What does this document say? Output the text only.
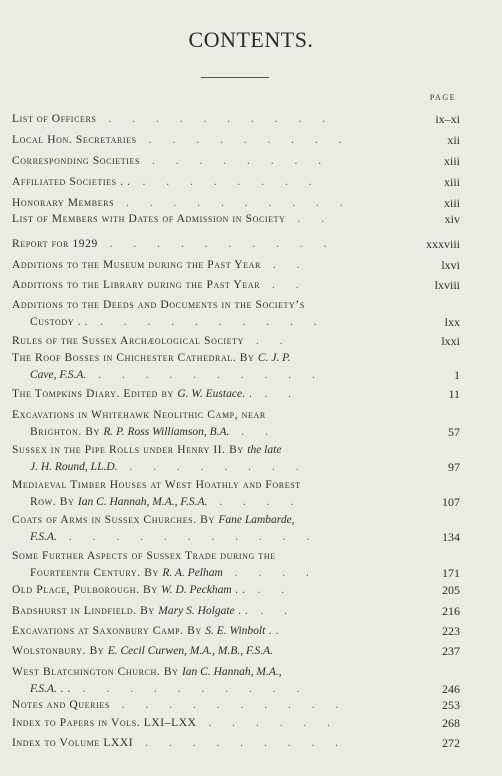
CONTENTS.
PAGE
List of Officers . . . . . . . . . .	ix–xi
Local Hon. Secretaries . . . . . . . . .	xii
Corresponding Societies . . . . . . . .	xiii
Affiliated Societies . . . . . . . . . .	xiii
Honorary Members . . . . . . . . . .	xiii
List of Members with Dates of Admission in Society . .	xiv
Report for 1929 . . . . . . . . . .	xxxviii
Additions to the Museum during the Past Year . .	lxvi
Additions to the Library during the Past Year . .	lxviii
Additions to the Deeds and Documents in the Society’s
Custody . . . . . . . . . . . .	lxx
Rules of the Sussex Archæological Society . .	lxxi
The Roof Bosses in Chichester Cathedral. By C. J. P.
Cave, F.S.A. . . . . . . . . . .	1
The Tompkins Diary. Edited by G. W. Eustace. . . .	11
Excavations in Whitehawk Neolithic Camp, near
Brighton. By R. P. Ross Williamson, B.A. . .	57
Sussex in the Pipe Rolls under Henry II. By the late
J. H. Round, LL.D. . . . . . . . .	97
Mediaeval Timber Houses at West Hoathly and Forest
Row. By Ian C. Hannah, M.A., F.S.A. . . . .	107
Coats of Arms in Sussex Churches. By Fane Lambarde,
F.S.A. . . . . . . . . . . .	134
Some Further Aspects of Sussex Trade during the
Fourteenth Century. By R. A. Pelham . . . .	171
Old Place, Pulborough. By W. D. Peckham . . . .	205
Badshurst in Lindfield. By Mary S. Holgate . . . .	216
Excavations at Saxonbury Camp. By S. E. Winbolt . .	223
Wolstonbury. By E. Cecil Curwen, M.A., M.B., F.S.A.	237
West Blatchington Church. By Ian C. Hannah, M.A.,
F.S.A. . . . . . . . . . . . .	246
Notes and Queries . . . . . . . . . .	253
Index to Papers in Vols. LXI–LXX . . . . . .	268
Index to Volume LXXI . . . . . . . . .	272
